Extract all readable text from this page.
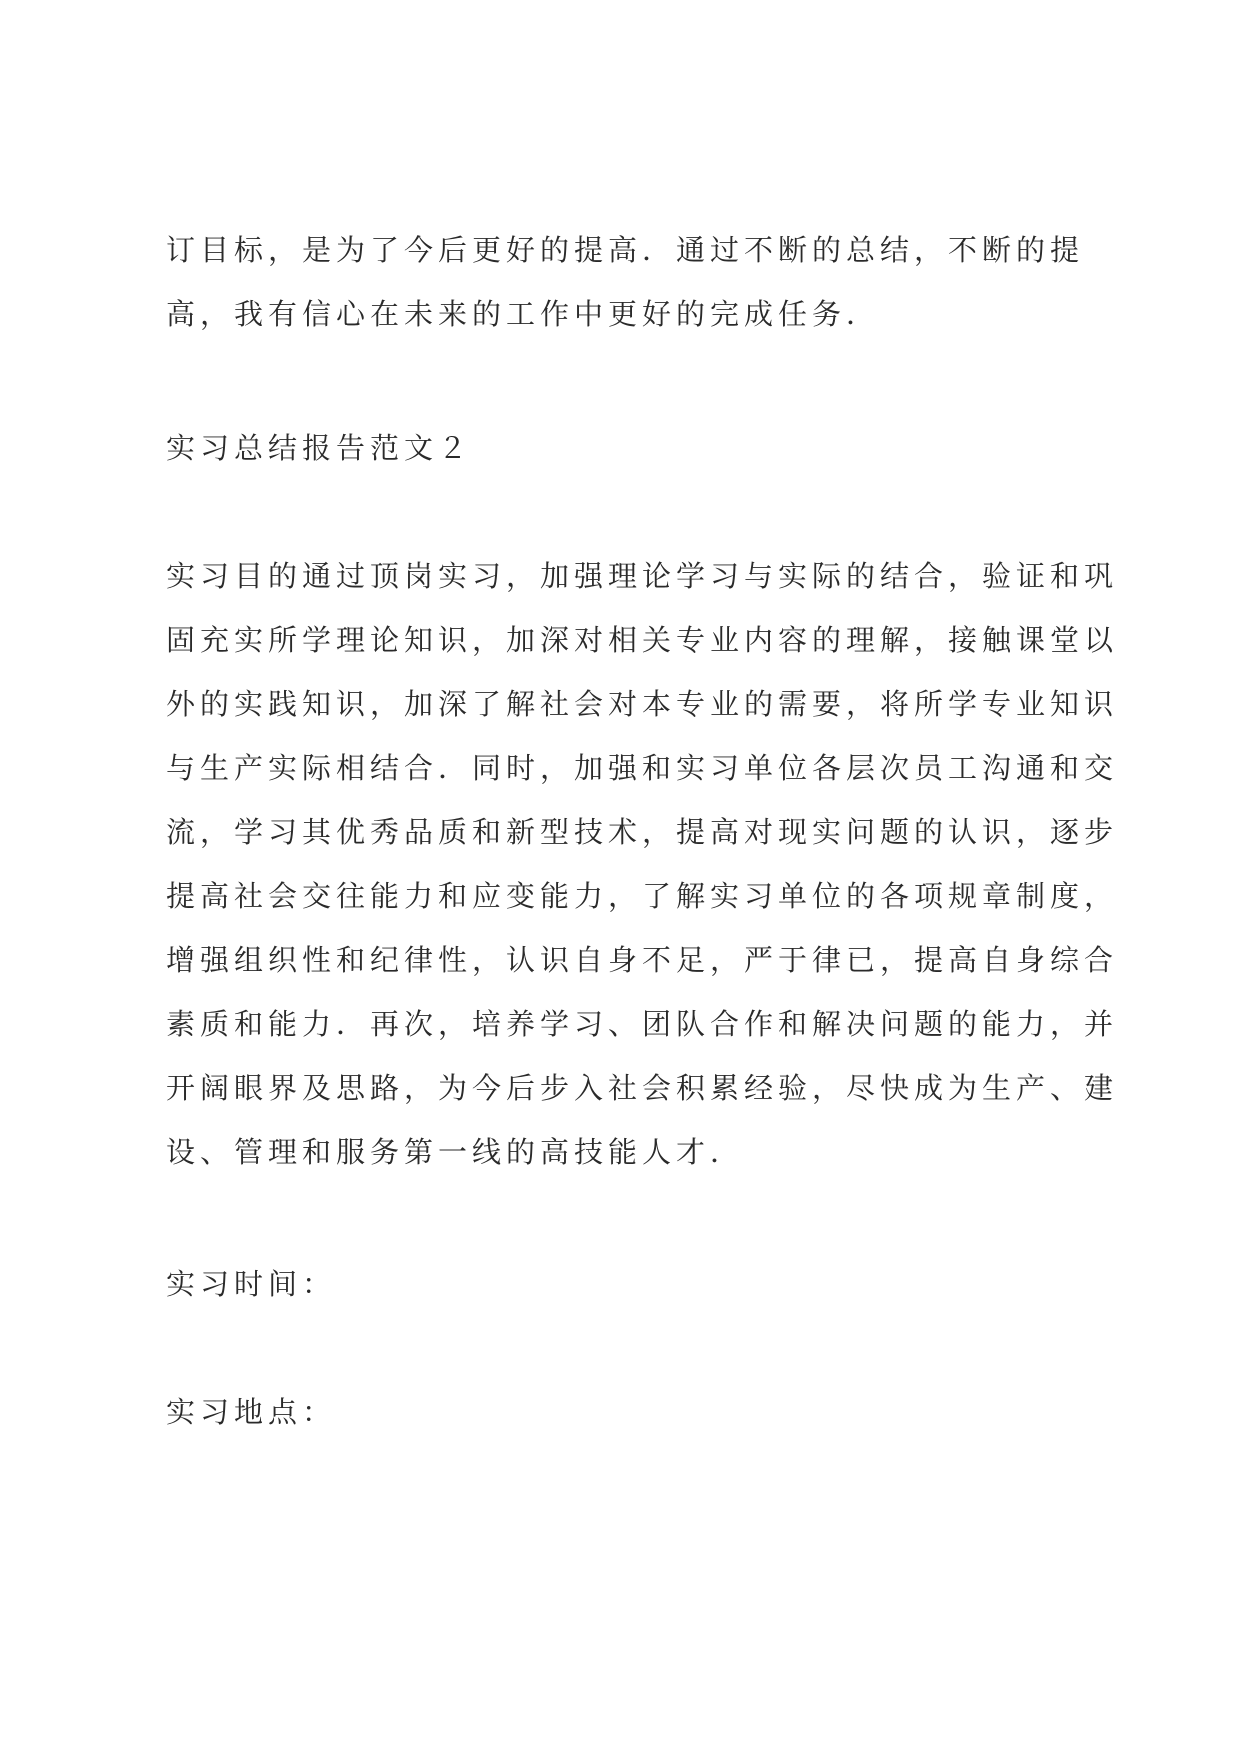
订目标，是为了今后更好的提高．通过不断的总结，不断的提
高，我有信心在未来的工作中更好的完成任务．

实习总结报告范文２

实习目的通过顶岗实习，加强理论学习与实际的结合，验证和巩
固充实所学理论知识，加深对相关专业内容的理解，接触课堂以
外的实践知识，加深了解社会对本专业的需要，将所学专业知识
与生产实际相结合．同时，加强和实习单位各层次员工沟通和交
流，学习其优秀品质和新型技术，提高对现实问题的认识，逐步
提高社会交往能力和应变能力，了解实习单位的各项规章制度，
增强组织性和纪律性，认识自身不足，严于律已，提高自身综合
素质和能力．再次，培养学习、团队合作和解决问题的能力，并
开阔眼界及思路，为今后步入社会积累经验，尽快成为生产、建
设、管理和服务第一线的高技能人才．

实习时间：

实习地点：
